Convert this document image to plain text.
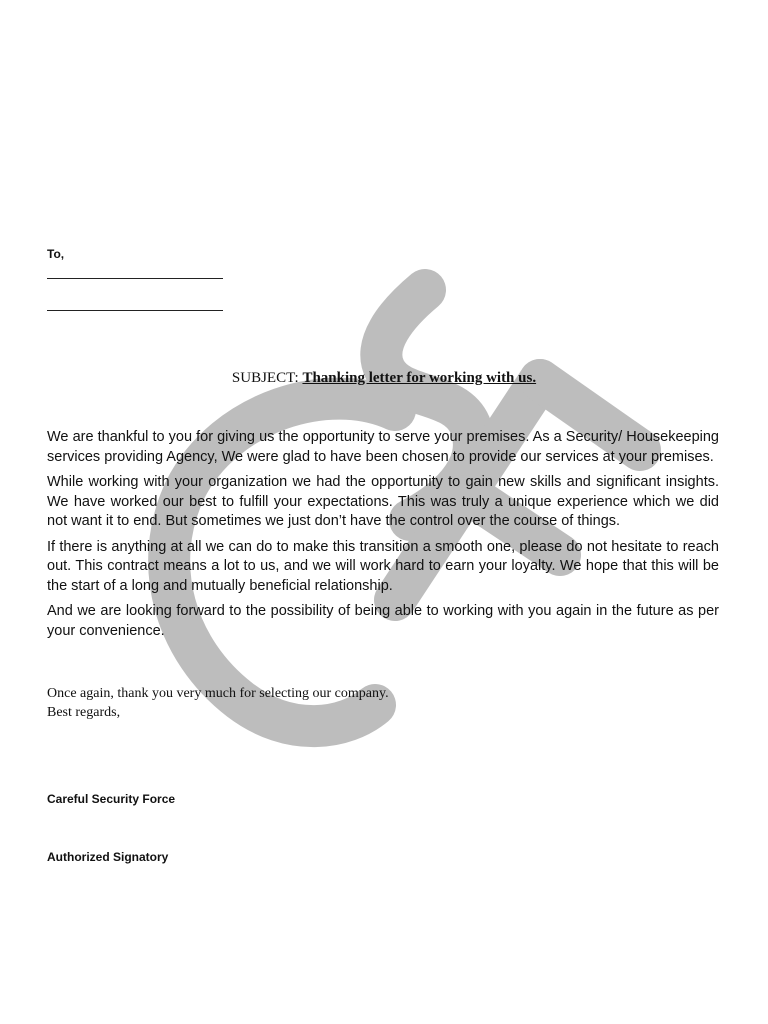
To,
SUBJECT: Thanking letter for working with us.

We are thankful to you for giving us the opportunity to serve your premises. As a Security/ Housekeeping services providing Agency, We were glad to have been chosen to provide our services at your premises.

While working with your organization we had the opportunity to gain new skills and significant insights. We have worked our best to fulfill your expectations. This was truly a unique experience which we did not want it to end. But sometimes we just don’t have the control over the course of things.

If there is anything at all we can do to make this transition a smooth one, please do not hesitate to reach out. This contract means a lot to us, and we will work hard to earn your loyalty. We hope that this will be the start of a long and mutually beneficial relationship.

And we are looking forward to the possibility of being able to working with you again in the future as per your convenience.

Once again, thank you very much for selecting our company.
Best regards,
Careful Security Force
Authorized Signatory
